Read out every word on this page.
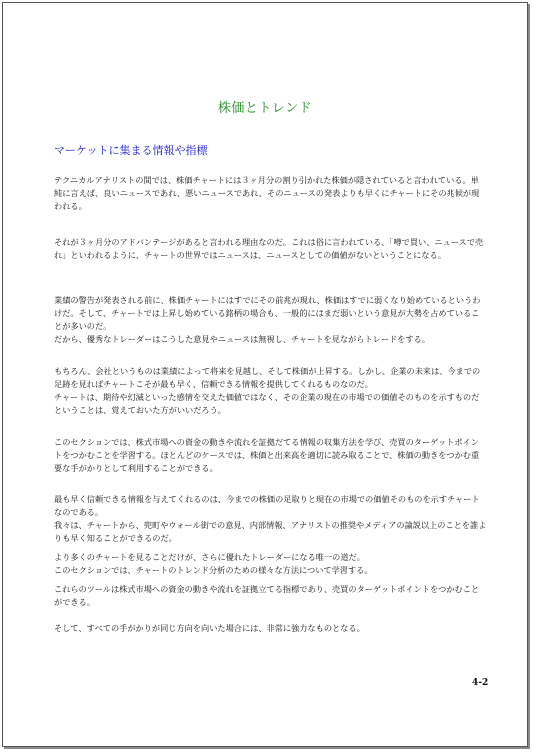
株価とトレンド
マーケットに集まる情報や指標

テクニカルアナリストの間では、株価チャートには３ヶ月分の割り引かれた株価が隠されていると言われている。単純に言えば、良いニュースであれ、悪いニュースであれ、そのニュースの発表よりも早くにチャートにその兆候が現われる。

それが３ヶ月分のアドバンテージがあると言われる理由なのだ。これは俗に言われている、「噂で買い、ニュースで売れ」といわれるように、チャートの世界ではニュースは、ニュースとしての価値がないということになる。

業績の警告が発表される前に、株価チャートにはすでにその前兆が現れ、株価はすでに弱くなり始めているというわけだ。そして、チャートでは上昇し始めている銘柄の場合も、一般的にはまだ弱いという意見が大勢を占めていることが多いのだ。

だから、優秀なトレーダーはこうした意見やニュースは無視し、チャートを見ながらトレードをする。

もちろん、会社というものは業績によって将来を見越し、そして株価が上昇する。しかし、企業の未来は、今までの足跡を見ればチャートこそが最も早く、信頼できる情報を提供してくれるものなのだ。

チャートは、期待や幻滅といった感情を交えた価値ではなく、その企業の現在の市場での価値そのものを示すものだということは、覚えておいた方がいいだろう。

このセクションでは、株式市場への資金の動きや流れを証拠だてる情報の収集方法を学び、売買のターゲットポイントをつかむことを学習する。ほとんどのケースでは、株価と出来高を適切に読み取ることで、株価の動きをつかむ重要な手がかりとして利用することができる。

最も早く信頼できる情報を与えてくれるのは、今までの株価の足取りと現在の市場での価値そのものを示すチャートなのである。

我々は、チャートから、兜町やウォール街での意見、内部情報、アナリストの推奨やメディアの論説以上のことを誰よりも早く知ることができるのだ。

より多くのチャートを見ることだけが、さらに優れたトレーダーになる唯一の道だ。

このセクションでは、チャートのトレンド分析のための様々な方法について学習する。

これらのツールは株式市場への資金の動きや流れを証拠立てる指標であり、売買のターゲットポイントをつかむことができる。

そして、すべての手がかりが同じ方向を向いた場合には、非常に強力なものとなる。

4-2
